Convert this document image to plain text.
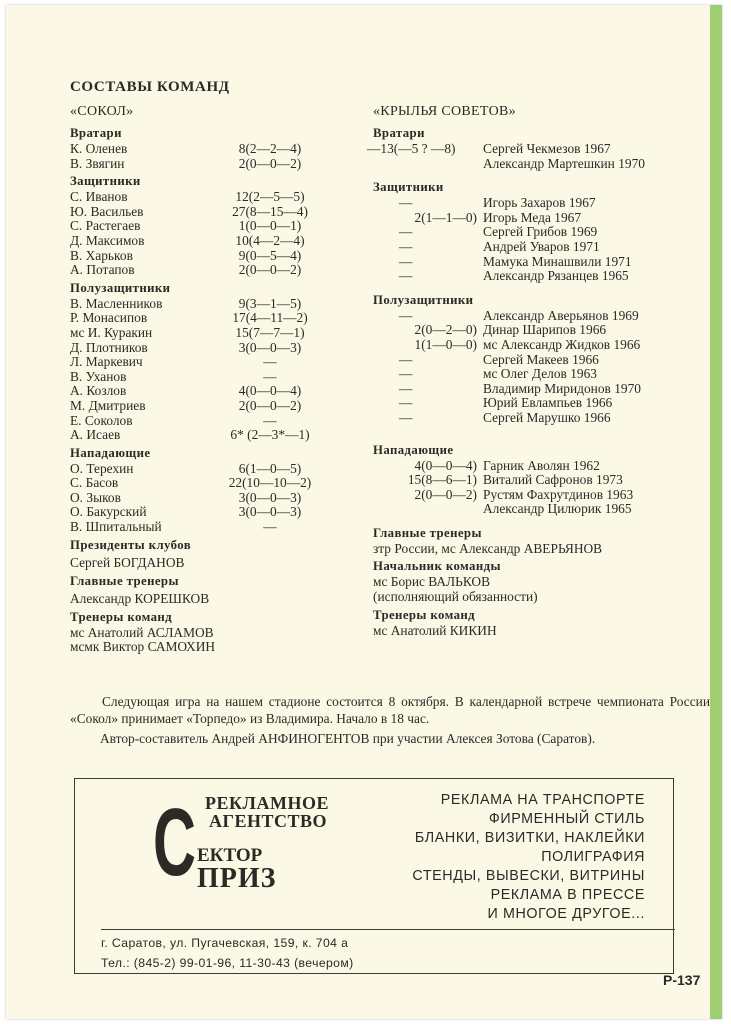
СОСТАВЫ КОМАНД
«СОКОЛ»
Вратари
К. Оленев	8(2—2—4)
В. Звягин	2(0—0—2)
Защитники
С. Иванов	12(2—5—5)
Ю. Васильев	27(8—15—4)
С. Растегаев	1(0—0—1)
Д. Максимов	10(4—2—4)
В. Харьков	9(0—5—4)
А. Потапов	2(0—0—2)
Полузащитники
В. Масленников	9(3—1—5)
Р. Монасипов	17(4—11—2)
мс И. Куракин	15(7—7—1)
Д. Плотников	3(0—0—3)
Л. Маркевич	—
В. Уханов	—
А. Козлов	4(0—0—4)
М. Дмитриев	2(0—0—2)
Е. Соколов	—
А. Исаев	6* (2—3*—1)
Нападающие
О. Терехин	6(1—0—5)
С. Басов	22(10—10—2)
О. Зыков	3(0—0—3)
О. Бакурский	3(0—0—3)
В. Шпитальный	—
Президенты клубов
Сергей БОГДАНОВ
Главные тренеры
Александр КОРЕШКОВ
Тренеры команд
мс Анатолий АСЛАМОВ
мсмк Виктор САМОХИН
«КРЫЛЬЯ СОВЕТОВ»
Вратари
—13(—5 ? —8)	Сергей Чекмезов 1967
Александр Мартешкин 1970
Защитники
—	Игорь Захаров 1967
2(1—1—0) Игорь Меда 1967
—	Сергей Грибов 1969
—	Андрей Уваров 1971
—	Мамука Минашвили 1971
—	Александр Рязанцев 1965
Полузащитники
—	Александр Аверьянов 1969
2(0—2—0) Динар Шарипов 1966
1(1—0—0) мс Александр Жидков 1966
—	Сергей Макеев 1966
—	мс Олег Делов 1963
—	Владимир Миридонов 1970
—	Юрий Евлампьев 1966
—	Сергей Марушко 1966
Нападающие
4(0—0—4) Гарник Аволян 1962
15(8—6—1) Виталий Сафронов 1973
2(0—0—2) Рустям Фахрутдинов 1963
Александр Цилюрик 1965
Главные тренеры
зтр России, мс Александр АВЕРЬЯНОВ
Начальник команды
мс Борис ВАЛЬКОВ
(исполняющий обязанности)
Тренеры команд
мс Анатолий КИКИН

Следующая игра на нашем стадионе состоится 8 октября. В календарной встрече чемпионата России «Сокол» принимает «Торпедо» из Владимира. Начало в 18 час.

Автор-составитель Андрей АНФИНОГЕНТОВ при участии Алексея Зотова (Саратов).

С РЕКЛАМНОЕ
АГЕНТСТВО
ЕКТОР
ПРИЗ
РЕКЛАМА НА ТРАНСПОРТЕ
ФИРМЕННЫЙ СТИЛЬ
БЛАНКИ, ВИЗИТКИ, НАКЛЕЙКИ
ПОЛИГРАФИЯ
СТЕНДЫ, ВЫВЕСКИ, ВИТРИНЫ
РЕКЛАМА В ПРЕССЕ
И МНОГОЕ ДРУГОЕ...
г. Саратов, ул. Пугачевская, 159, к. 704 а
Тел.: (845-2) 99-01-96, 11-30-43 (вечером)
Р-137
